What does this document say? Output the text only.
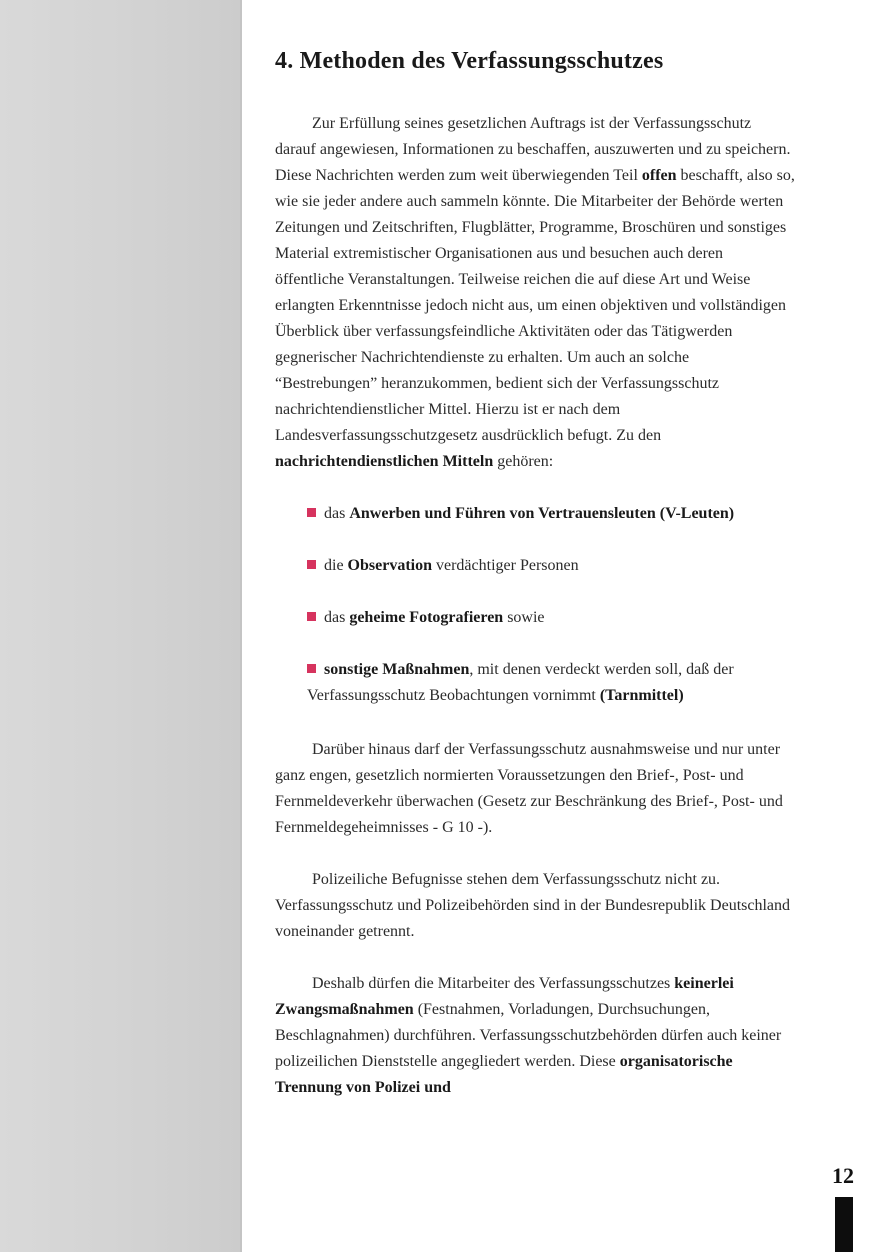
4. Methoden des Verfassungsschutzes

Zur Erfüllung seines gesetzlichen Auftrags ist der Verfassungsschutz darauf angewiesen, Informationen zu beschaffen, auszuwerten und zu speichern. Diese Nachrichten werden zum weit überwiegenden Teil offen beschafft, also so, wie sie jeder andere auch sammeln könnte. Die Mitarbeiter der Behörde werten Zeitungen und Zeitschriften, Flugblätter, Programme, Broschüren und sonstiges Material extremistischer Organisationen aus und besuchen auch deren öffentliche Veranstaltungen. Teilweise reichen die auf diese Art und Weise erlangten Erkenntnisse jedoch nicht aus, um einen objektiven und vollständigen Überblick über verfassungsfeindliche Aktivitäten oder das Tätigwerden gegnerischer Nachrichtendienste zu erhalten. Um auch an solche “Bestrebungen” heranzukommen, bedient sich der Verfassungsschutz nachrichtendienstlicher Mittel. Hierzu ist er nach dem Landesverfassungsschutzgesetz ausdrücklich befugt. Zu den nachrichtendienstlichen Mitteln gehören:

das Anwerben und Führen von Vertrauensleuten (V-Leuten)
die Observation verdächtiger Personen
das geheime Fotografieren sowie
sonstige Maßnahmen, mit denen verdeckt werden soll, daß der Verfassungsschutz Beobachtungen vornimmt (Tarnmittel)

Darüber hinaus darf der Verfassungsschutz ausnahmsweise und nur unter ganz engen, gesetzlich normierten Voraussetzungen den Brief-, Post- und Fernmeldeverkehr überwachen (Gesetz zur Beschränkung des Brief-, Post- und Fernmeldegeheimnisses - G 10 -).

Polizeiliche Befugnisse stehen dem Verfassungsschutz nicht zu. Verfassungsschutz und Polizeibehörden sind in der Bundesrepublik Deutschland voneinander getrennt.

Deshalb dürfen die Mitarbeiter des Verfassungsschutzes keinerlei Zwangsmaßnahmen (Festnahmen, Vorladungen, Durchsuchungen, Beschlagnahmen) durchführen. Verfassungsschutzbehörden dürfen auch keiner polizeilichen Dienststelle angegliedert werden. Diese organisatorische Trennung von Polizei und

12
